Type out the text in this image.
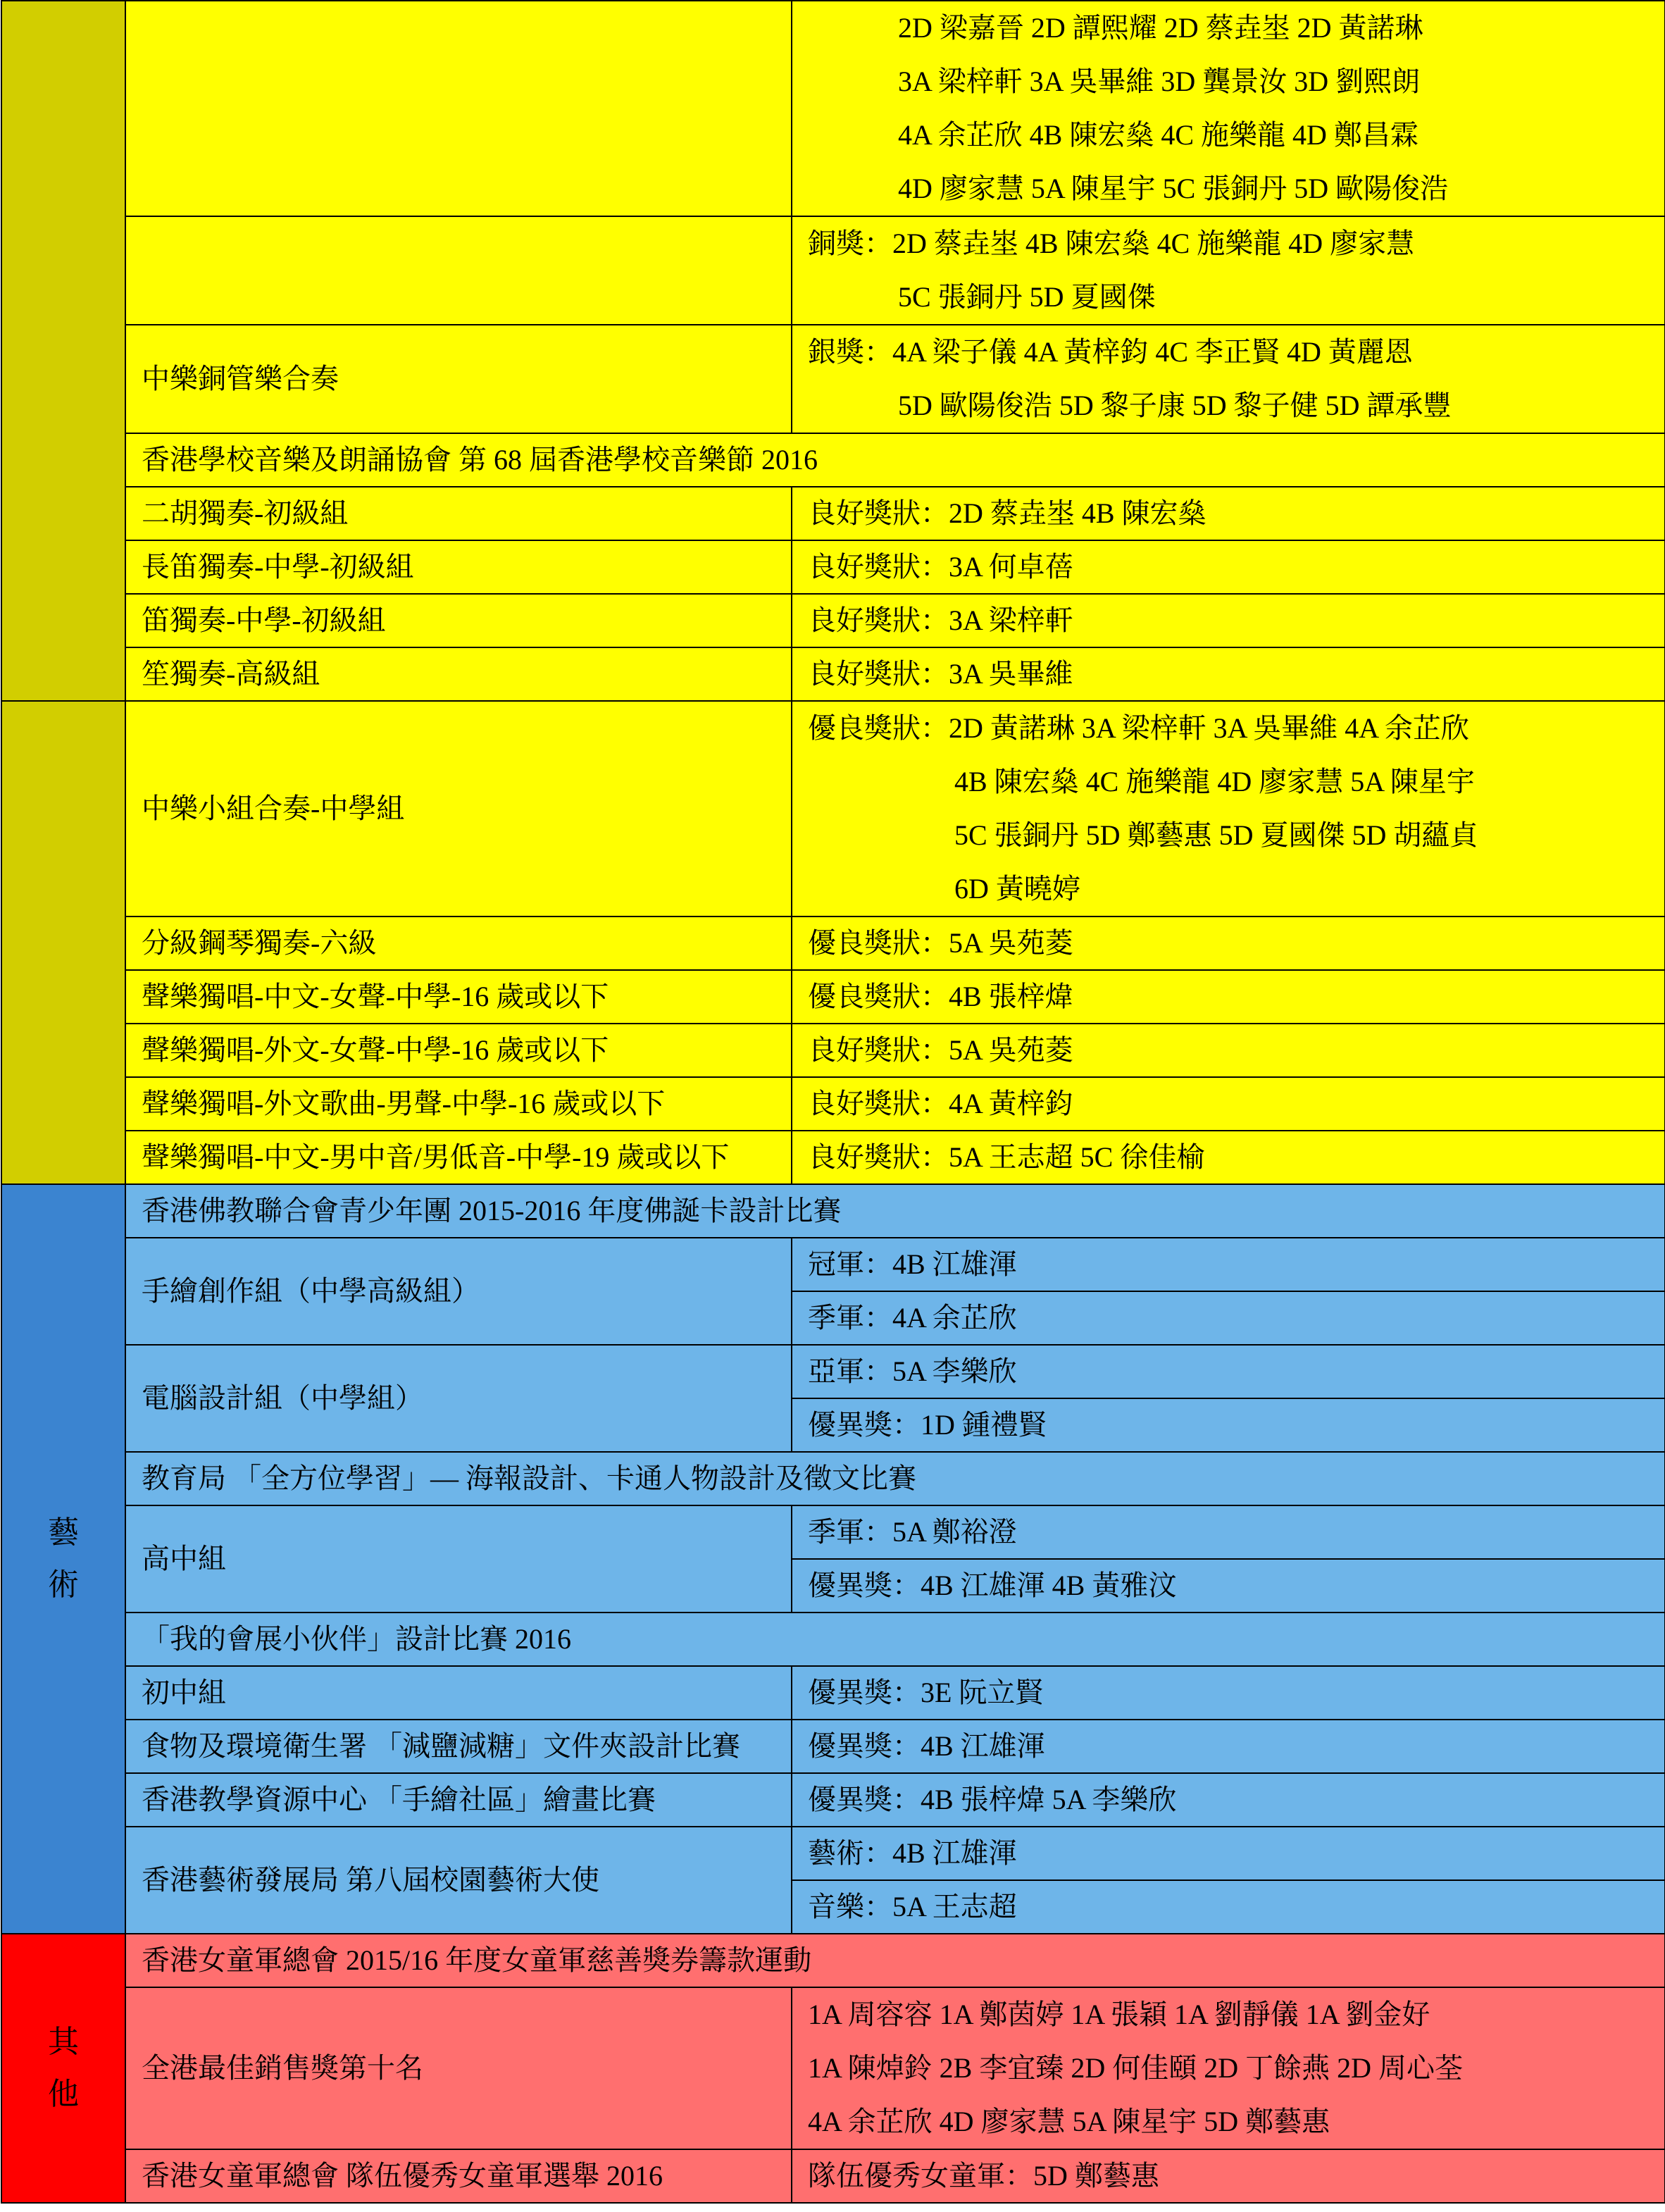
		2D 梁嘉晉 2D 譚熙耀 2D 蔡垚埊 2D 黃諾琳
3A 梁梓軒 3A 吳畢維 3D 龔景汝 3D 劉熙朗
4A 余芷欣 4B 陳宏燊 4C 施樂龍 4D 鄭昌霖
4D 廖家慧 5A 陳星宇 5C 張銅丹 5D 歐陽俊浩

		銅獎：2D 蔡垚埊 4B 陳宏燊 4C 施樂龍 4D 廖家慧
5C 張銅丹 5D 夏國傑

	中樂銅管樂合奏	銀獎：4A 梁子儀 4A 黃梓鈞 4C 李正賢 4D 黃麗恩
5D 歐陽俊浩 5D 黎子康 5D 黎子健 5D 譚承豐

	香港學校音樂及朗誦協會 第 68 屆香港學校音樂節 2016	
	二胡獨奏-初級組	良好獎狀：2D 蔡垚埊 4B 陳宏燊
	長笛獨奏-中學-初級組	良好獎狀：3A 何卓蓓
	笛獨奏-中學-初級組	良好獎狀：3A 梁梓軒
	笙獨奏-高級組	良好獎狀：3A 吳畢維
	中樂小組合奏-中學組	優良獎狀：2D 黃諾琳 3A 梁梓軒 3A 吳畢維 4A 余芷欣
4B 陳宏燊 4C 施樂龍 4D 廖家慧 5A 陳星宇
5C 張銅丹 5D 鄭藝惠 5D 夏國傑 5D 胡蘊貞
6D 黃曉婷

	分級鋼琴獨奏-六級	優良獎狀：5A 吳苑菱
	聲樂獨唱-中文-女聲-中學-16 歲或以下	優良獎狀：4B 張梓煒
	聲樂獨唱-外文-女聲-中學-16 歲或以下	良好獎狀：5A 吳苑菱
	聲樂獨唱-外文歌曲-男聲-中學-16 歲或以下	良好獎狀：4A 黃梓鈞
	聲樂獨唱-中文-男中音/男低音-中學-19 歲或以下	良好獎狀：5A 王志超 5C 徐佳榆

藝
術	香港佛教聯合會青少年團 2015-2016 年度佛誕卡設計比賽	
	手繪創作組（中學高級組）	冠軍：4B 江雄渾
		季軍：4A 余芷欣
	電腦設計組（中學組）	亞軍：5A 李樂欣
		優異獎：1D 鍾禮賢
	教育局 「全方位學習」— 海報設計、卡通人物設計及徵文比賽	
	高中組	季軍：5A 鄭裕澄
		優異獎：4B 江雄渾 4B 黃雅汶
	「我的會展小伙伴」設計比賽 2016	
	初中組	優異獎：3E 阮立賢
	食物及環境衛生署 「減鹽減糖」文件夾設計比賽	優異獎：4B 江雄渾
	香港教學資源中心 「手繪社區」繪畫比賽	優異獎：4B 張梓煒 5A 李樂欣
	香港藝術發展局 第八屆校園藝術大使	藝術：4B 江雄渾
		音樂：5A 王志超

其
他	香港女童軍總會 2015/16 年度女童軍慈善獎券籌款運動	
	全港最佳銷售獎第十名	1A 周容容 1A 鄭茵婷 1A 張穎 1A 劉靜儀 1A 劉金好
1A 陳焯鈴 2B 李宜臻 2D 何佳頤 2D 丁餘燕 2D 周心荃
4A 余芷欣 4D 廖家慧 5A 陳星宇 5D 鄭藝惠

	香港女童軍總會 隊伍優秀女童軍選舉 2016	隊伍優秀女童軍：5D 鄭藝惠
